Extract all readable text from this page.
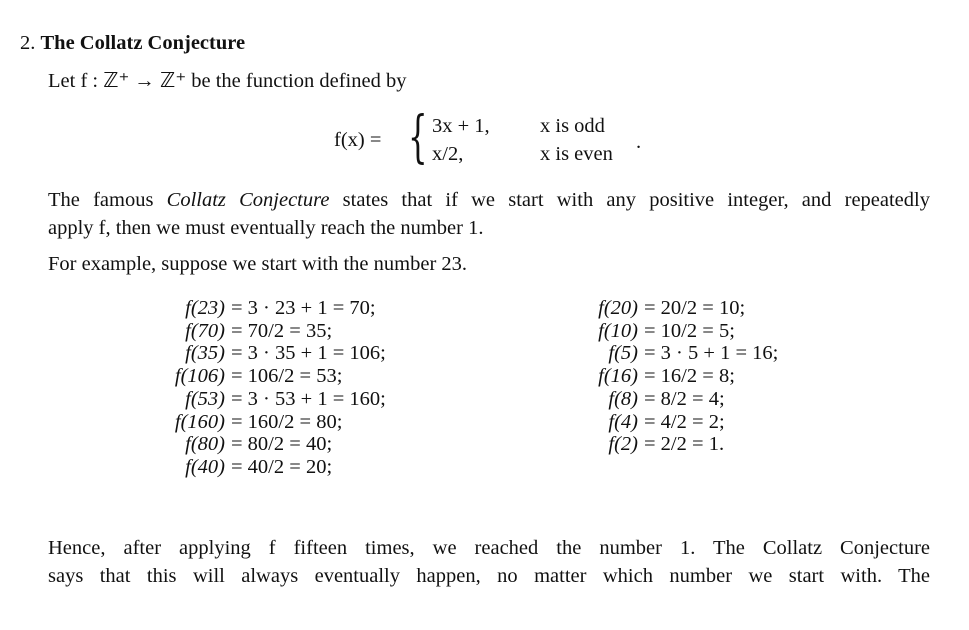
2. The Collatz Conjecture
Let f : ℤ⁺ → ℤ⁺ be the function defined by
f(x) = { 3x + 1, x is odd
x/2,	x is even
.
The famous Collatz Conjecture states that if we start with any positive integer, and repeatedly
apply f, then we must eventually reach the number 1.
For example, suppose we start with the number 23.
f(23)	= 3 · 23 + 1 = 70;
f(70)	= 70/2 = 35;
f(35)	= 3 · 35 + 1 = 106;
f(106)	= 106/2 = 53;
f(53)	= 3 · 53 + 1 = 160;
f(160)	= 160/2 = 80;
f(80)	= 80/2 = 40;
f(40)	= 40/2 = 20;
f(20)	= 20/2 = 10;
f(10)	= 10/2 = 5;
f(5)	= 3 · 5 + 1 = 16;
f(16)	= 16/2 = 8;
f(8)	= 8/2 = 4;
f(4)	= 4/2 = 2;
f(2)	= 2/2 = 1.
Hence, after applying f fifteen times, we reached the number 1. The Collatz Conjecture
says that this will always eventually happen, no matter which number we start with. The
